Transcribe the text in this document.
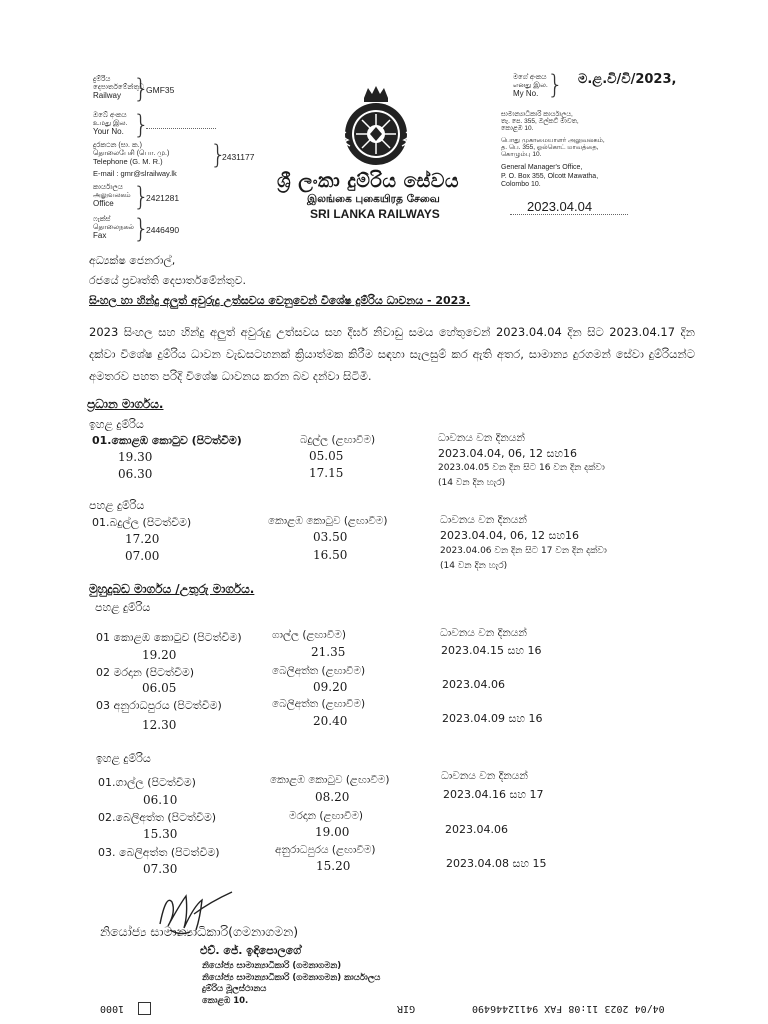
දුම්රිය
දෙපාර්තමේන්තුව
Railway }
GMF35
ඔබේ අංකය
உமது இல.
Your No. }
දුරකථන (සා. ක.)
தொலைபேசி (பொ. மு.)
Telephone (G. M. R.) }
2431177
E-mail : gmr@slrailway.lk
කාර්යාලය
அலுவலகம்
Office }
2421281
ෆැක්ස්
தொலைநகல்
Fax	}
2446490
ශ්‍රී ලංකා දුම්රිය සේවය
இலங்கை புகையிரத சேவை
SRI LANKA RAILWAYS
මගේ අංකය
எனது இல.
My No. } ම.ළ.වි/වි/2023,
සාමාන්‍යාධිකාරි කාර්යාලය,
තැ. පෙ. 355, ඔල්කට් මාවත,
කොළඹ 10.
பொது முகாமையாளர் அலுவலகம்,
த. பெ. 355, ஓல்கொட் மாவத்தை,
கொழும்பு 10.
General Manager's Office,
P. O. Box 355, Olcott Mawatha,
Colombo 10.
2023.04.04
අධ්‍යක්ෂ ජෙනරාල්,
රජයේ ප්‍රවෘත්ති දෙපාර්තමේන්තුව.
සිංහල හා හින්දු අලුත් අවුරුදු උත්සවය වෙනුවෙන් විශේෂ දුම්රිය ධාවනය - 2023.
2023 සිංහල සහ හින්දු අලුත් අවුරුදු උත්සවය සහ දීර්ඝ නිවාඩු සමය හේතුවෙන් 2023.04.04 දින සිට 2023.04.17 දින දක්වා විශේෂ දුම්රිය ධාවන වැඩසටහනක් ක්‍රියාත්මක කිරීම සඳහා සැලසුම් කර ඇති අතර, සාමාන්‍ය දුරගමන් සේවා දුම්රියන්ට අමතරව පහත පරිදි විශේෂ ධාවනය කරන බව දන්වා සිටිමි.
ප්‍රධාන මාර්ගය.
ඉහළ දුම්රිය
01.කොළඹ කොටුව (පිටත්වීම)	බදුල්ල (ළඟාවීම)	ධාවනය වන දිනයන්
19.30	05.05	2023.04.04, 06, 12 සහ16
06.30	17.15	2023.04.05 වන දින සිට 16 වන දින දක්වා
(14 වන දින හැර)
පහළ දුම්රිය
01.බදුල්ල (පිටත්වීම)	කොළඹ කොටුව (ළඟාවීම)	ධාවනය වන දිනයන්
17.20	03.50	2023.04.04, 06, 12 සහ16
07.00	16.50	2023.04.06 වන දින සිට 17 වන දින දක්වා
(14 වන දින හැර)
මුහුදුබඩ මාර්ගය /උතුරු මාර්ගය.
පහළ දුම්රිය
ධාවනය වන දිනයන්
01 කොළඹ කොටුව (පිටත්වීම)	ගාල්ල (ළඟාවීම)
19.20	21.35	2023.04.15 සහ 16
02 මරදාන (පිටත්වීම)	බෙලිඅත්ත (ළඟාවීම)
06.05	09.20	2023.04.06
03 අනුරාධපුරය (පිටත්වීම)	බෙලිඅත්ත (ළඟාවීම)
12.30	20.40	2023.04.09 සහ 16
ඉහළ දුම්රිය
ධාවනය වන දිනයන්
01.ගාල්ල (පිටත්වීම)	කොළඹ කොටුව (ළඟාවීම)
06.10	08.20	2023.04.16 සහ 17
02.බෙලිඅත්ත (පිටත්වීම)	මරදාන (ළඟාවීම)
15.30	19.00	2023.04.06
03. බෙලිඅත්ත (පිටත්වීම)	අනුරාධපුරය (ළඟාවීම)
07.30	15.20	2023.04.08 සහ 15
නියෝජ්‍ය සාමාන්‍යාධිකාරි(ගමනාගමන)
එච්. ජේ. ඉඳිපොලගේ
නියෝජ්‍ය සාමාන්‍යාධිකාරි (ගමනාගමන)
නියෝජ්‍ය සාමාන්‍යාධිකාරි (ගමනාගමන) කාර්යාලය
දුම්රිය මූලස්ථානය
කොළඹ 10.
1000	GIR	04/04 2023 11:08 FAX 94112446490
